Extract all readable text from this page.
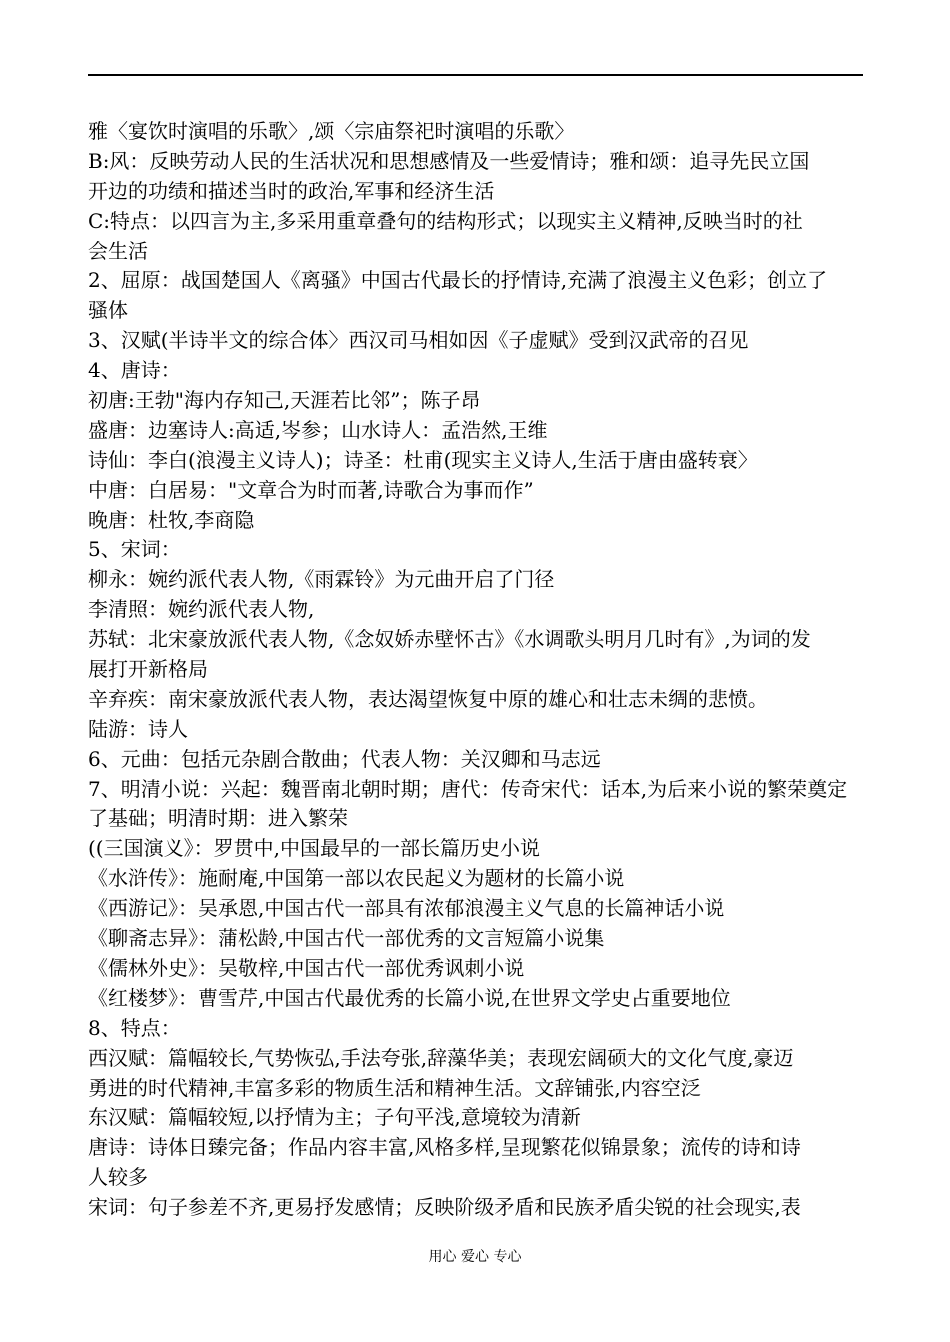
雅〈宴饮时演唱的乐歌〉,颂〈宗庙祭祀时演唱的乐歌〉
B:风：反映劳动人民的生活状况和思想感情及一些爱情诗；雅和颂：追寻先民立国
开边的功绩和描述当时的政治,军事和经济生活
C:特点：以四言为主,多采用重章叠句的结构形式；以现实主义精神,反映当时的社
会生活
2、屈原：战国楚国人《离骚》中国古代最长的抒情诗,充满了浪漫主义色彩；创立了
骚体
3、汉赋(半诗半文的综合体〉西汉司马相如因《子虚赋》受到汉武帝的召见
4、唐诗：
初唐:王勃"海内存知己,天涯若比邻”；陈子昂
盛唐：边塞诗人:高适,岑参；山水诗人：孟浩然,王维
诗仙：李白(浪漫主义诗人)；诗圣：杜甫(现实主义诗人,生活于唐由盛转衰〉
中唐：白居易："文章合为时而著,诗歌合为事而作”
晚唐：杜牧,李商隐
5、宋词：
柳永：婉约派代表人物,《雨霖铃》为元曲开启了门径
李清照：婉约派代表人物,
苏轼：北宋豪放派代表人物,《念奴娇赤壁怀古》《水调歌头明月几时有》,为词的发
展打开新格局
辛弃疾：南宋豪放派代表人物，表达渴望恢复中原的雄心和壮志未绸的悲愤。
陆游：诗人
6、元曲：包括元杂剧合散曲；代表人物：关汉卿和马志远
7、明清小说：兴起：魏晋南北朝时期；唐代：传奇宋代：话本,为后来小说的繁荣奠定
了基础；明清时期：进入繁荣
((三国演义》：罗贯中,中国最早的一部长篇历史小说
《水浒传》：施耐庵,中国第一部以农民起义为题材的长篇小说
《西游记》：吴承恩,中国古代一部具有浓郁浪漫主义气息的长篇神话小说
《聊斋志异》：蒲松龄,中国古代一部优秀的文言短篇小说集
《儒林外史》：吴敬梓,中国古代一部优秀讽刺小说
《红楼梦》：曹雪芹,中国古代最优秀的长篇小说,在世界文学史占重要地位
8、特点：
西汉赋：篇幅较长,气势恢弘,手法夸张,辞藻华美；表现宏阔硕大的文化气度,豪迈
勇进的时代精神,丰富多彩的物质生活和精神生活。文辞铺张,内容空泛
东汉赋：篇幅较短,以抒情为主；子句平浅,意境较为清新
唐诗：诗体日臻完备；作品内容丰富,风格多样,呈现繁花似锦景象；流传的诗和诗
人较多
宋词：句子参差不齐,更易抒发感情；反映阶级矛盾和民族矛盾尖锐的社会现实,表
用心 爱心 专心
